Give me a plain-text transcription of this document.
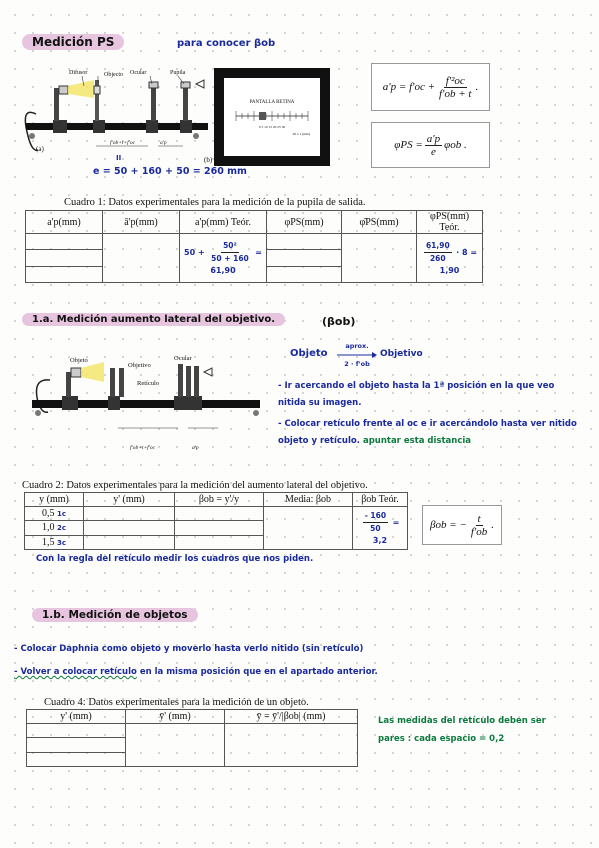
Medición PS	para conocer βob
Difusor	Objecto Ocular	Pupila
(a)
(b)
f'ob+t+f'oc	a'p
II
PANTALLA RETINA
0 5 10 15 20 25 30
20 x 1 (mm)
e = 50 + 160 + 50 = 260 mm
$a'p = f'oc + \frac{\text{f'²oc}}{f'ob + t}$ .
$\varphi PS = \frac{a'p}{e}$ φob .
Cuadro 1: Datos experimentales para la medición de la pupila de salida.
a'p(mm)	ā'p(mm)	a'p(mm) Teór.	φPS(mm)	φ̄PS(mm)	φPS(mm) Teór.
		$50 + \frac{\text{50²}}{50 + 160} = 61,90$			$\frac{61,90}{260} \cdot 8 = 1,90$

1.a. Medición aumento lateral del objetivo.	(βob)
Objeto
Objetivo
Ocular
Retículo
f'ob+t+f'oc	a'p
Objeto
aprox.
2 · f'ob
Objetivo
- Ir acercando el objeto hasta la 1ª posición en la que veo nitida su imagen.
- Colocar retículo frente al oc e ir acercándolo hasta ver nitido objeto y retículo. apuntar esta distancia
Cuadro 2: Datos experimentales para la medición del aumento lateral del objetivo.
y (mm)	y' (mm)	βob = y'/y	Media: βob	βob Teór.
0,5 1c				$\frac{- 160}{50} = 3,2$
1,0 2c				
1,5 3c				
βob = − $\frac{t}{f'ob}$ .
Con la regla del retículo medir los cuadros que nos piden.
1.b. Medición de objetos
- Colocar Daphnia como objeto y moverlo hasta verlo nitido (sin retículo)
- Volver a colocar retículo en la misma posición que en el apartado anterior.
Cuadro 4: Datos experimentales para la medición de un objeto.
y' (mm)	ȳ' (mm)	ȳ = ȳ'/|βob| (mm)
			Las medidas del retículo deben ser
pares : cada espacio = 0,2
